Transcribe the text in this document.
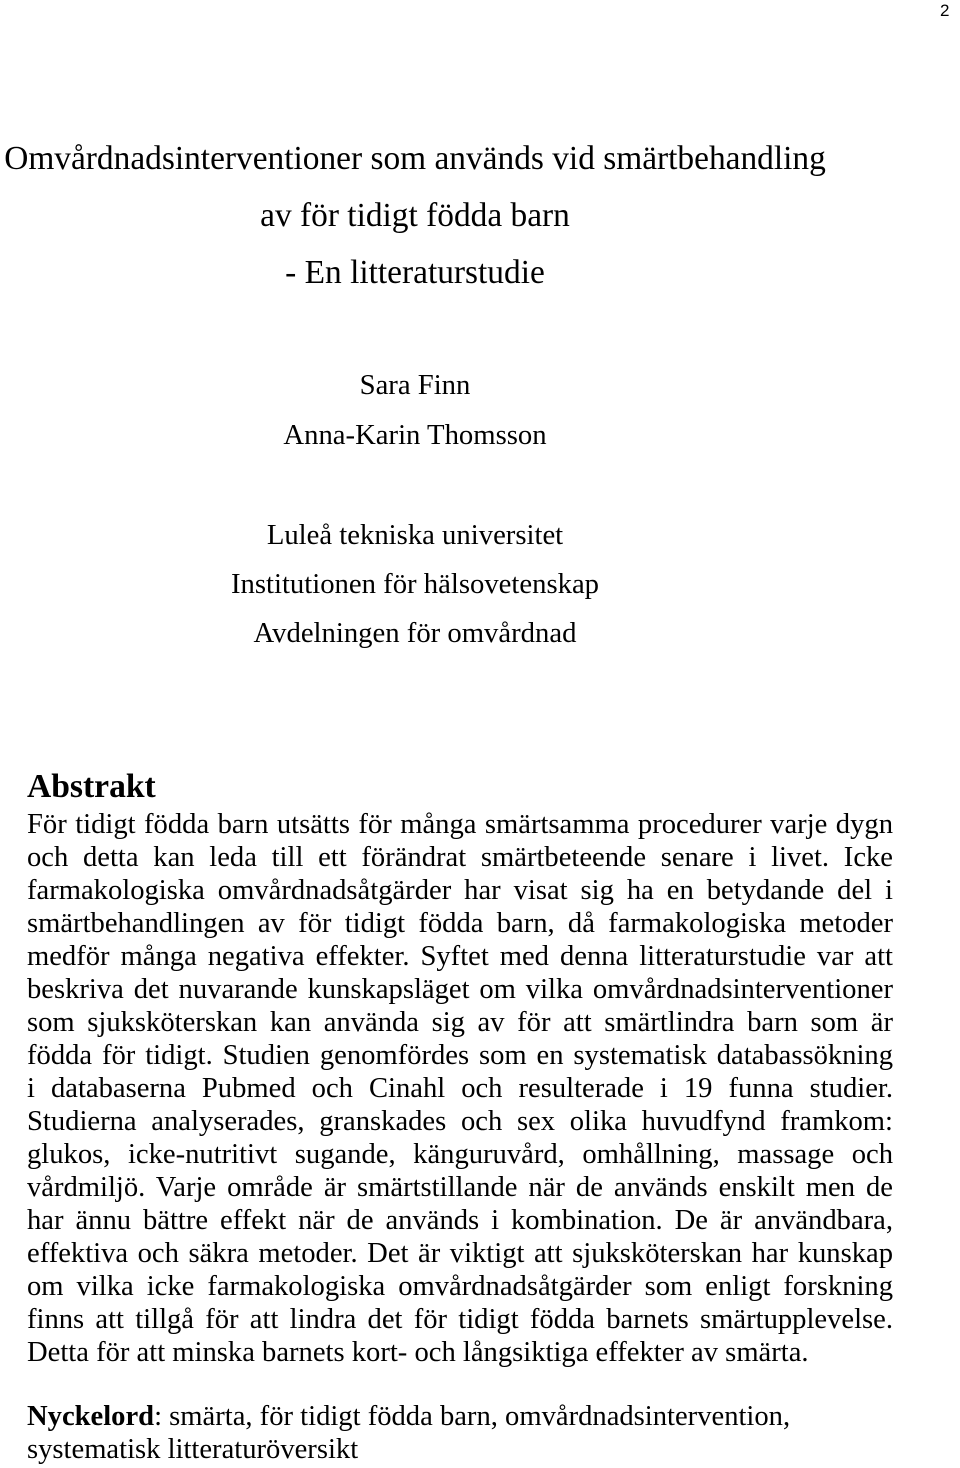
2
Omvårdnadsinterventioner som används vid smärtbehandling
av för tidigt födda barn
- En litteraturstudie
Sara Finn
Anna-Karin Thomsson
Luleå tekniska universitet
Institutionen för hälsovetenskap
Avdelningen för omvårdnad
Abstrakt
För tidigt födda barn utsätts för många smärtsamma procedurer varje dygn
och detta kan leda till ett förändrat smärtbeteende senare i livet. Icke
farmakologiska omvårdnadsåtgärder har visat sig ha en betydande del i
smärtbehandlingen av för tidigt födda barn, då farmakologiska metoder
medför många negativa effekter. Syftet med denna litteraturstudie var att
beskriva det nuvarande kunskapsläget om vilka omvårdnadsinterventioner
som sjuksköterskan kan använda sig av för att smärtlindra barn som är
födda för tidigt. Studien genomfördes som en systematisk databassökning
i databaserna Pubmed och Cinahl och resulterade i 19 funna studier.
Studierna analyserades, granskades och sex olika huvudfynd framkom:
glukos, icke-nutritivt sugande, känguruvård, omhållning, massage och
vårdmiljö. Varje område är smärtstillande när de används enskilt men de
har ännu bättre effekt när de används i kombination. De är användbara,
effektiva och säkra metoder. Det är viktigt att sjuksköterskan har kunskap
om vilka icke farmakologiska omvårdnadsåtgärder som enligt forskning
finns att tillgå för att lindra det för tidigt födda barnets smärtupplevelse.
Detta för att minska barnets kort- och långsiktiga effekter av smärta.
Nyckelord: smärta, för tidigt födda barn, omvårdnadsintervention, systematisk litteraturöversikt
